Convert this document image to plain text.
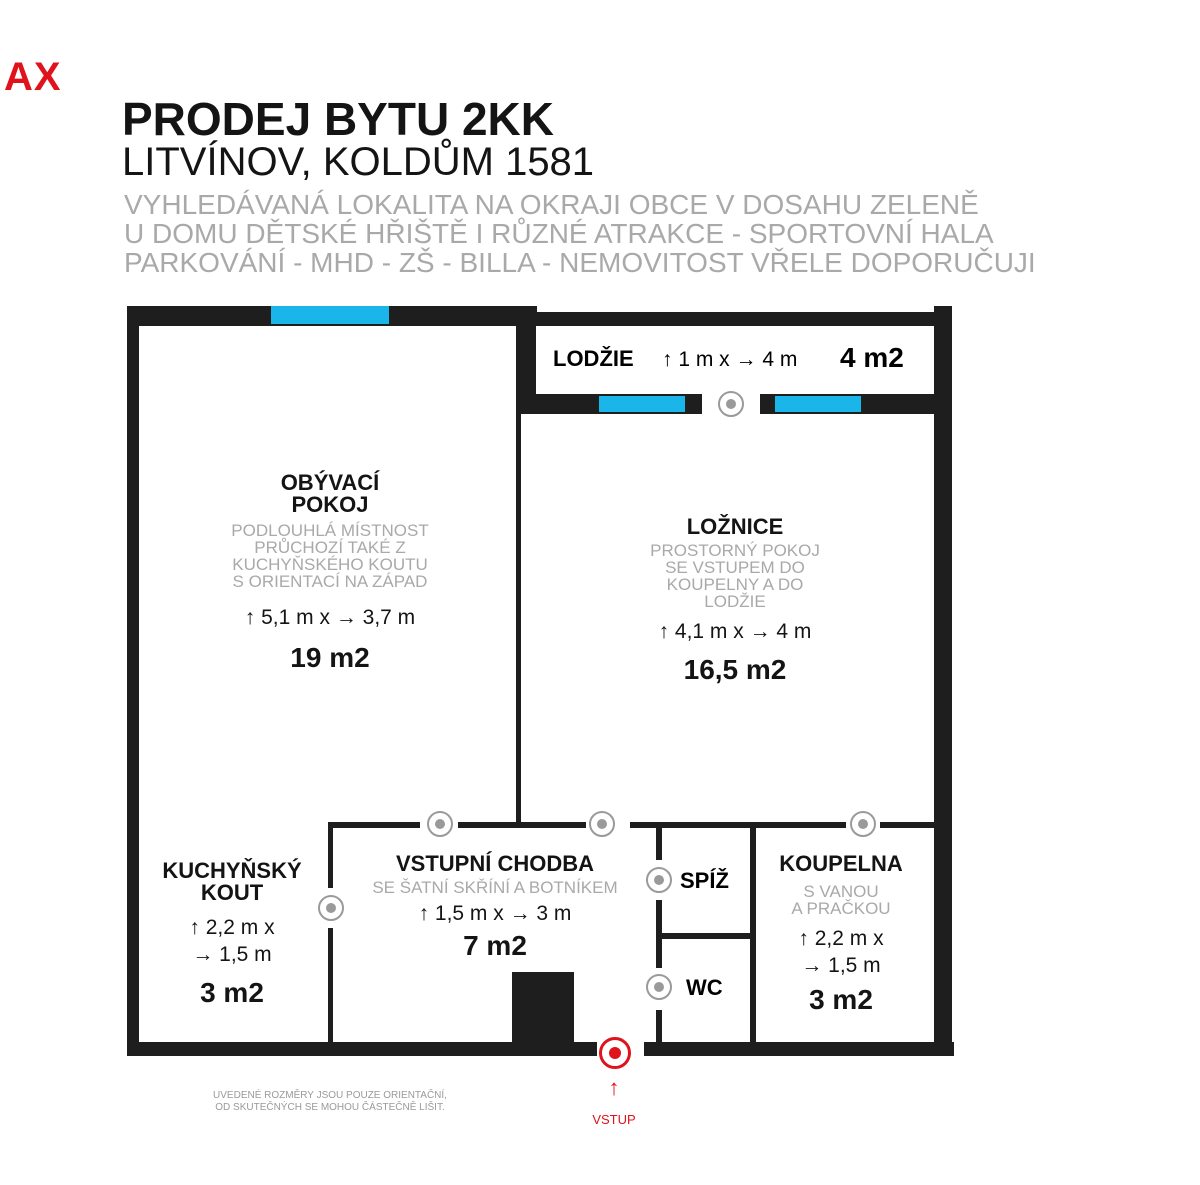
AX
PRODEJ BYTU 2KK
LITVÍNOV, KOLDŮM 1581
VYHLEDÁVANÁ LOKALITA NA OKRAJI OBCE V DOSAHU ZELENĚ
U DOMU DĚTSKÉ HŘIŠTĚ I RŮZNÉ ATRAKCE - SPORTOVNÍ HALA
PARKOVÁNÍ - MHD - ZŠ - BILLA - NEMOVITOST VŘELE DOPORUČUJI
OBÝVACÍ
POKOJ
PODLOUHLÁ MÍSTNOST
PRŮCHOZÍ TAKÉ Z
KUCHYŇSKÉHO KOUTU
S ORIENTACÍ NA ZÁPAD
↑ 5,1 m x → 3,7 m
19 m2
LODŽIE ↑ 1 m x → 4 m 4 m2
LOŽNICE
PROSTORNÝ POKOJ
SE VSTUPEM DO
KOUPELNY A DO
LODŽIE
↑ 4,1 m x → 4 m
16,5 m2
KUCHYŇSKÝ
KOUT
↑ 2,2 m x
→ 1,5 m
3 m2
VSTUPNÍ CHODBA
SE ŠATNÍ SKŘÍNÍ A BOTNÍKEM
↑ 1,5 m x → 3 m
7 m2
SPÍŽ
WC
KOUPELNA
S VANOU
A PRAČKOU
↑ 2,2 m x
→ 1,5 m
3 m2
UVEDENÉ ROZMĚRY JSOU POUZE ORIENTAČNÍ,
OD SKUTEČNÝCH SE MOHOU ČÁSTEČNĚ LIŠIT.
↑
VSTUP
